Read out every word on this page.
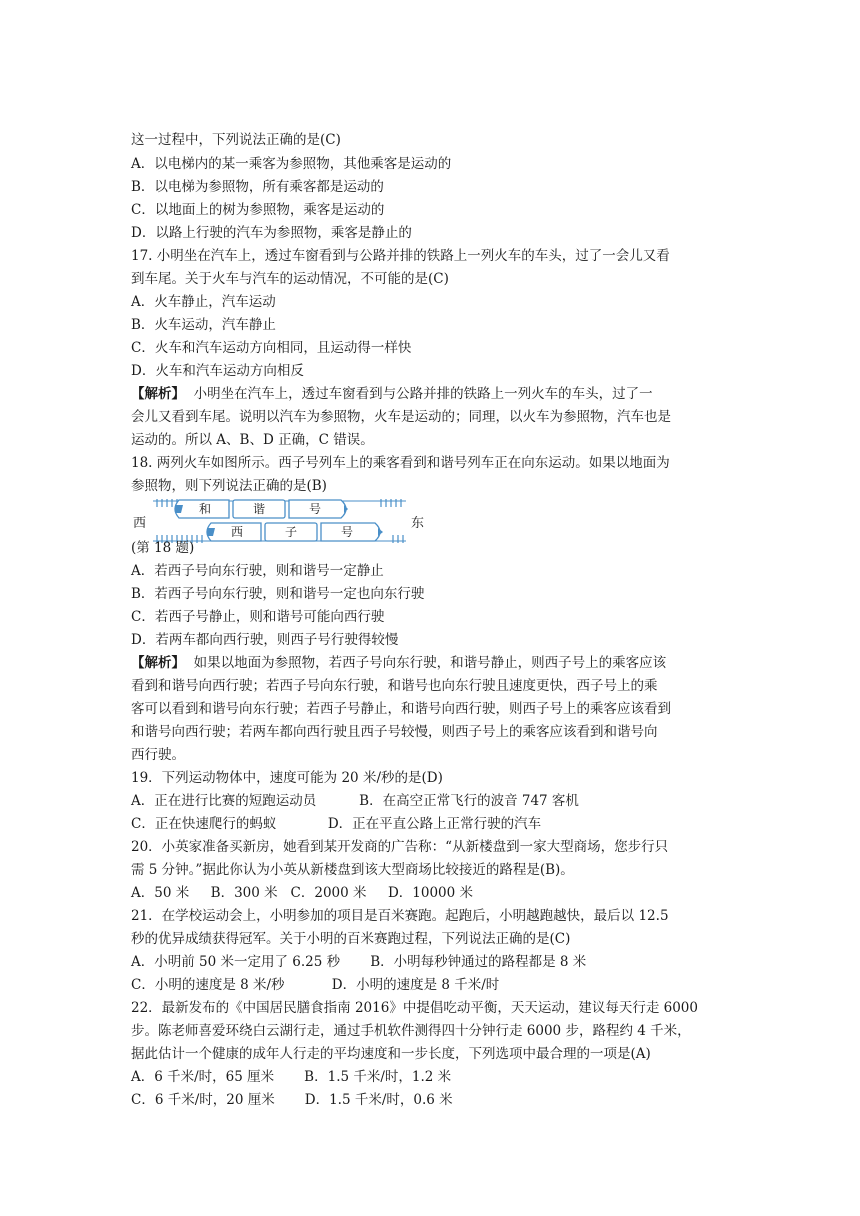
这一过程中，下列说法正确的是(C)
A．以电梯内的某一乘客为参照物，其他乘客是运动的
B．以电梯为参照物，所有乘客都是运动的
C．以地面上的树为参照物，乘客是运动的
D．以路上行驶的汽车为参照物，乘客是静止的
17. 小明坐在汽车上，透过车窗看到与公路并排的铁路上一列火车的车头，过了一会儿又看
到车尾。关于火车与汽车的运动情况，不可能的是(C)
A．火车静止，汽车运动
B．火车运动，汽车静止
C．火车和汽车运动方向相同，且运动得一样快
D．火车和汽车运动方向相反
【解析】  小明坐在汽车上，透过车窗看到与公路并排的铁路上一列火车的车头，过了一
会儿又看到车尾。说明以汽车为参照物，火车是运动的；同理，以火车为参照物，汽车也是
运动的。所以 A、B、D 正确，C 错误。
18. 两列火车如图所示。西子号列车上的乘客看到和谐号列车正在向东运动。如果以地面为
参照物，则下列说法正确的是(B)
和	谐	号
西	子	号
西	东
(第 18 题)
A．若西子号向东行驶，则和谐号一定静止
B．若西子号向东行驶，则和谐号一定也向东行驶
C．若西子号静止，则和谐号可能向西行驶
D．若两车都向西行驶，则西子号行驶得较慢
【解析】  如果以地面为参照物，若西子号向东行驶，和谐号静止，则西子号上的乘客应该
看到和谐号向西行驶；若西子号向东行驶，和谐号也向东行驶且速度更快，西子号上的乘
客可以看到和谐号向东行驶；若西子号静止，和谐号向西行驶，则西子号上的乘客应该看到
和谐号向西行驶；若两车都向西行驶且西子号较慢，则西子号上的乘客应该看到和谐号向
西行驶。
19．下列运动物体中，速度可能为 20 米/秒的是(D)
A．正在进行比赛的短跑运动员          B．在高空正常飞行的波音 747 客机
C．正在快速爬行的蚂蚁            D．正在平直公路上正常行驶的汽车
20．小英家准备买新房，她看到某开发商的广告称：“从新楼盘到一家大型商场，您步行只
需 5 分钟。”据此你认为小英从新楼盘到该大型商场比较接近的路程是(B)。
A．50 米     B．300 米   C．2000 米     D．10000 米
21．在学校运动会上，小明参加的项目是百米赛跑。起跑后，小明越跑越快，最后以 12.5
秒的优异成绩获得冠军。关于小明的百米赛跑过程，下列说法正确的是(C)
A．小明前 50 米一定用了 6.25 秒       B．小明每秒钟通过的路程都是 8 米
C．小明的速度是 8 米/秒           D．小明的速度是 8 千米/时
22．最新发布的《中国居民膳食指南 2016》中提倡吃动平衡，天天运动，建议每天行走 6000
步。陈老师喜爱环绕白云湖行走，通过手机软件测得四十分钟行走 6000 步，路程约 4 千米，
据此估计一个健康的成年人行走的平均速度和一步长度，下列选项中最合理的一项是(A)
A．6 千米/时，65 厘米       B．1.5 千米/时，1.2 米
C．6 千米/时，20 厘米       D．1.5 千米/时，0.6 米
